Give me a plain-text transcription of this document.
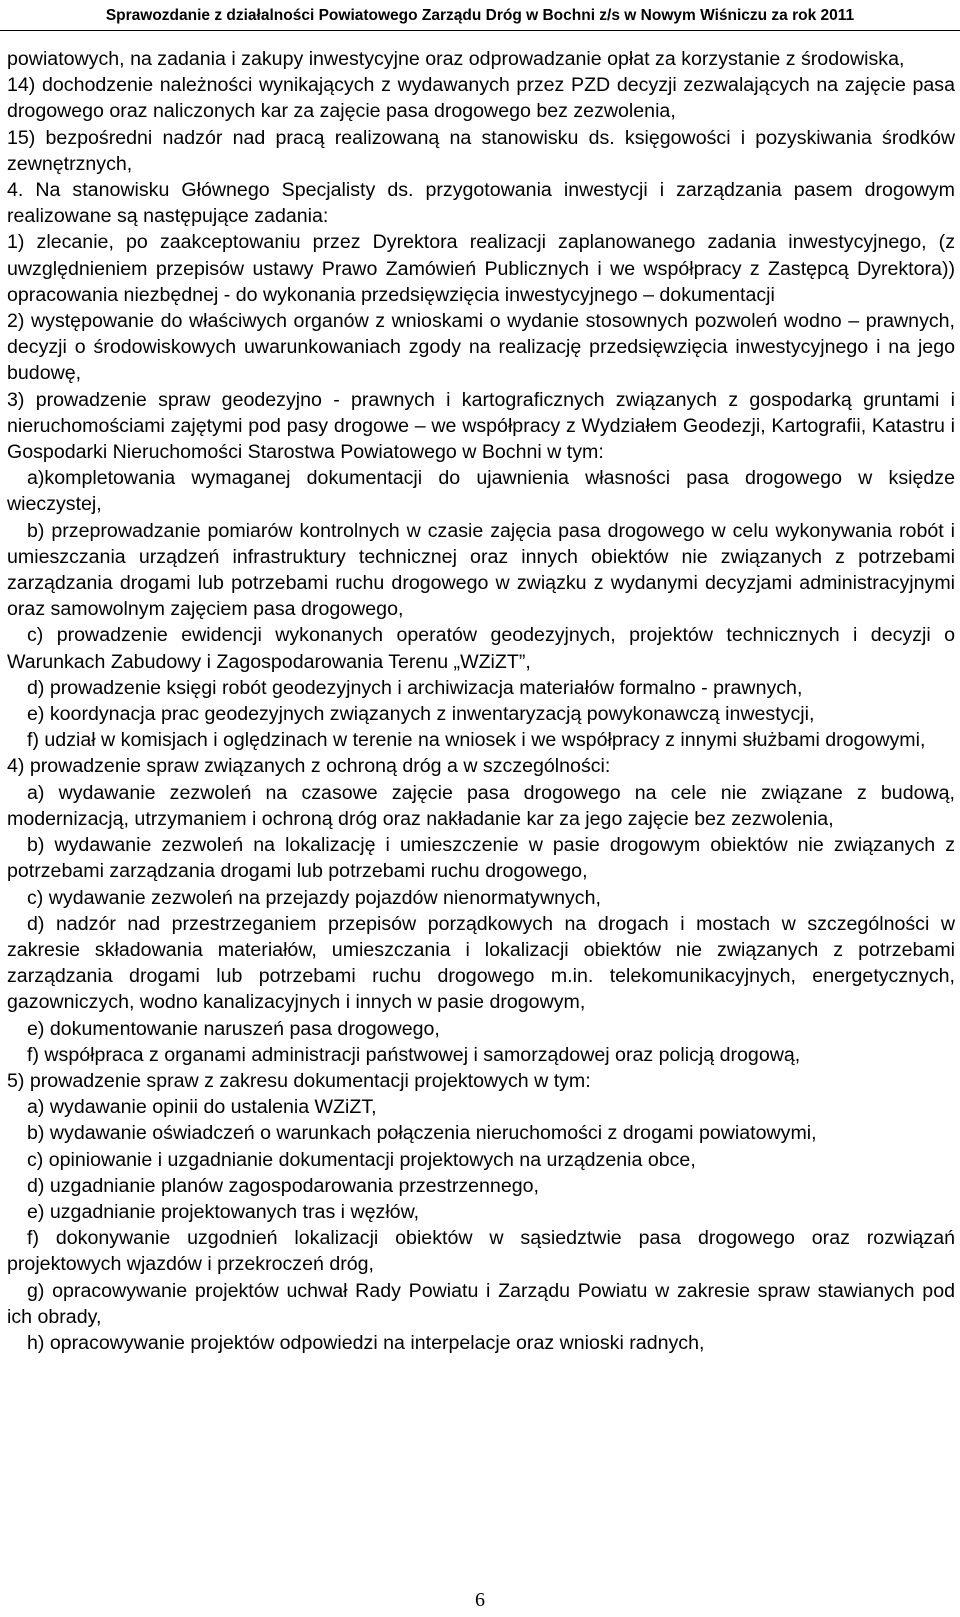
Sprawozdanie z działalności Powiatowego Zarządu Dróg w Bochni z/s w Nowym Wiśniczu za rok 2011

powiatowych, na zadania i zakupy inwestycyjne oraz odprowadzanie opłat za korzystanie z środowiska,

14) dochodzenie należności wynikających z wydawanych przez PZD decyzji zezwalających na zajęcie pasa drogowego oraz naliczonych kar za zajęcie pasa drogowego bez zezwolenia,

15) bezpośredni nadzór nad pracą realizowaną na stanowisku ds. księgowości i pozyskiwania środków zewnętrznych,

4. Na stanowisku Głównego Specjalisty ds. przygotowania inwestycji i zarządzania pasem drogowym realizowane są następujące zadania:

1) zlecanie, po zaakceptowaniu przez Dyrektora realizacji zaplanowanego zadania inwestycyjnego, (z uwzględnieniem przepisów ustawy Prawo Zamówień Publicznych i we współpracy z Zastępcą Dyrektora)) opracowania niezbędnej - do wykonania przedsięwzięcia inwestycyjnego – dokumentacji

2) występowanie do właściwych organów z wnioskami o wydanie stosownych pozwoleń wodno – prawnych, decyzji o środowiskowych uwarunkowaniach zgody na realizację przedsięwzięcia inwestycyjnego i na jego budowę,

3) prowadzenie spraw geodezyjno - prawnych i kartograficznych związanych z gospodarką gruntami i nieruchomościami zajętymi pod pasy drogowe – we współpracy z Wydziałem Geodezji, Kartografii, Katastru i Gospodarki Nieruchomości Starostwa Powiatowego w Bochni w tym:

a)kompletowania wymaganej dokumentacji do ujawnienia własności pasa drogowego w księdze wieczystej,

b) przeprowadzanie pomiarów kontrolnych w czasie zajęcia pasa drogowego w celu wykonywania robót i umieszczania urządzeń infrastruktury technicznej oraz innych obiektów nie związanych z potrzebami zarządzania drogami lub potrzebami ruchu drogowego w związku z wydanymi decyzjami administracyjnymi oraz samowolnym zajęciem pasa drogowego,

c) prowadzenie ewidencji wykonanych operatów geodezyjnych, projektów technicznych i decyzji o Warunkach Zabudowy i Zagospodarowania Terenu „WZiZT”,

d) prowadzenie księgi robót geodezyjnych i archiwizacja materiałów formalno - prawnych,

e) koordynacja prac geodezyjnych związanych z inwentaryzacją powykonawczą inwestycji,

f) udział w komisjach i oględzinach w terenie na wniosek i we współpracy z innymi służbami drogowymi,

4) prowadzenie spraw związanych z ochroną dróg a w szczególności:

a) wydawanie zezwoleń na czasowe zajęcie pasa drogowego na cele nie związane z budową, modernizacją, utrzymaniem i ochroną dróg oraz nakładanie kar za jego zajęcie bez zezwolenia,

b) wydawanie zezwoleń na lokalizację i umieszczenie w pasie drogowym obiektów nie związanych z potrzebami zarządzania drogami lub potrzebami ruchu drogowego,

c) wydawanie zezwoleń na przejazdy pojazdów nienormatywnych,

d) nadzór nad przestrzeganiem przepisów porządkowych na drogach i mostach w szczególności w zakresie składowania materiałów, umieszczania i lokalizacji obiektów nie związanych z potrzebami zarządzania drogami lub potrzebami ruchu drogowego m.in. telekomunikacyjnych, energetycznych, gazowniczych, wodno kanalizacyjnych i innych w pasie drogowym,

e) dokumentowanie naruszeń pasa drogowego,

f) współpraca z organami administracji państwowej i samorządowej oraz policją drogową,

5) prowadzenie spraw z zakresu dokumentacji projektowych w tym:

a) wydawanie opinii do ustalenia WZiZT,

b) wydawanie oświadczeń o warunkach połączenia nieruchomości z drogami powiatowymi,

c) opiniowanie i uzgadnianie dokumentacji projektowych na urządzenia obce,

d) uzgadnianie planów zagospodarowania przestrzennego,

e) uzgadnianie projektowanych tras i węzłów,

f) dokonywanie uzgodnień lokalizacji obiektów w sąsiedztwie pasa drogowego oraz rozwiązań projektowych wjazdów i przekroczeń dróg,

g) opracowywanie projektów uchwał Rady Powiatu i Zarządu Powiatu w zakresie spraw stawianych pod ich obrady,

h) opracowywanie projektów odpowiedzi na interpelacje oraz wnioski radnych,

6
